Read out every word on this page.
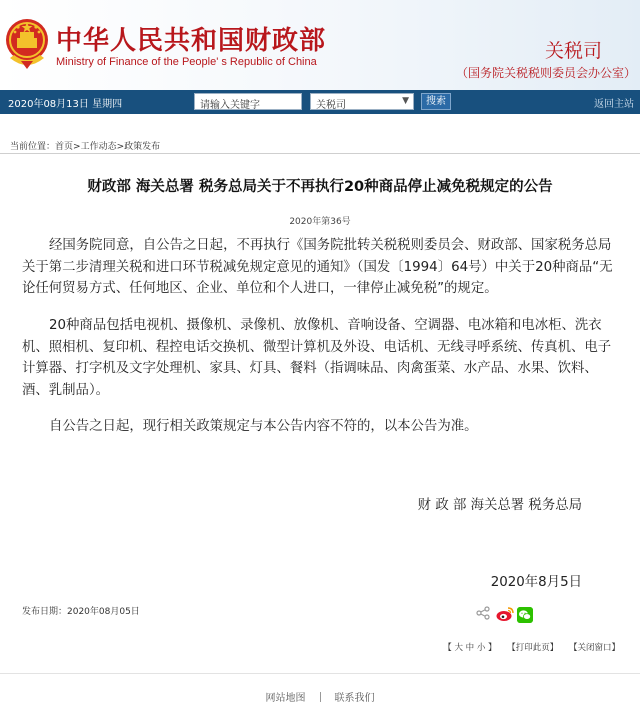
中华人民共和国财政部
Ministry of Finance of the People' s Republic of China	关税司
（国务院关税税则委员会办公室）
2020年08月13日 星期四	请输入关键字	关税司	▼	搜索	返回主站
当前位置：首页>工作动态>政策发布
财政部 海关总署 税务总局关于不再执行20种商品停止减免税规定的公告
2020年第36号
经国务院同意，自公告之日起，不再执行《国务院批转关税税则委员会、财政部、国家税务总局关于第二步清理关税和进口环节税减免规定意见的通知》（国发〔1994〕64号）中关于20种商品“无论任何贸易方式、任何地区、企业、单位和个人进口，一律停止减免税”的规定。
20种商品包括电视机、摄像机、录像机、放像机、音响设备、空调器、电冰箱和电冰柜、洗衣机、照相机、复印机、程控电话交换机、微型计算机及外设、电话机、无线寻呼系统、传真机、电子计算器、打字机及文字处理机、家具、灯具、餐料（指调味品、肉禽蛋菜、水产品、水果、饮料、酒、乳制品）。
自公告之日起，现行相关政策规定与本公告内容不符的，以本公告为准。
财 政 部 海关总署 税务总局
2020年8月5日
发布日期：2020年08月05日
【 大 中 小 】 【打印此页】 【关闭窗口】
网站地图	联系我们
